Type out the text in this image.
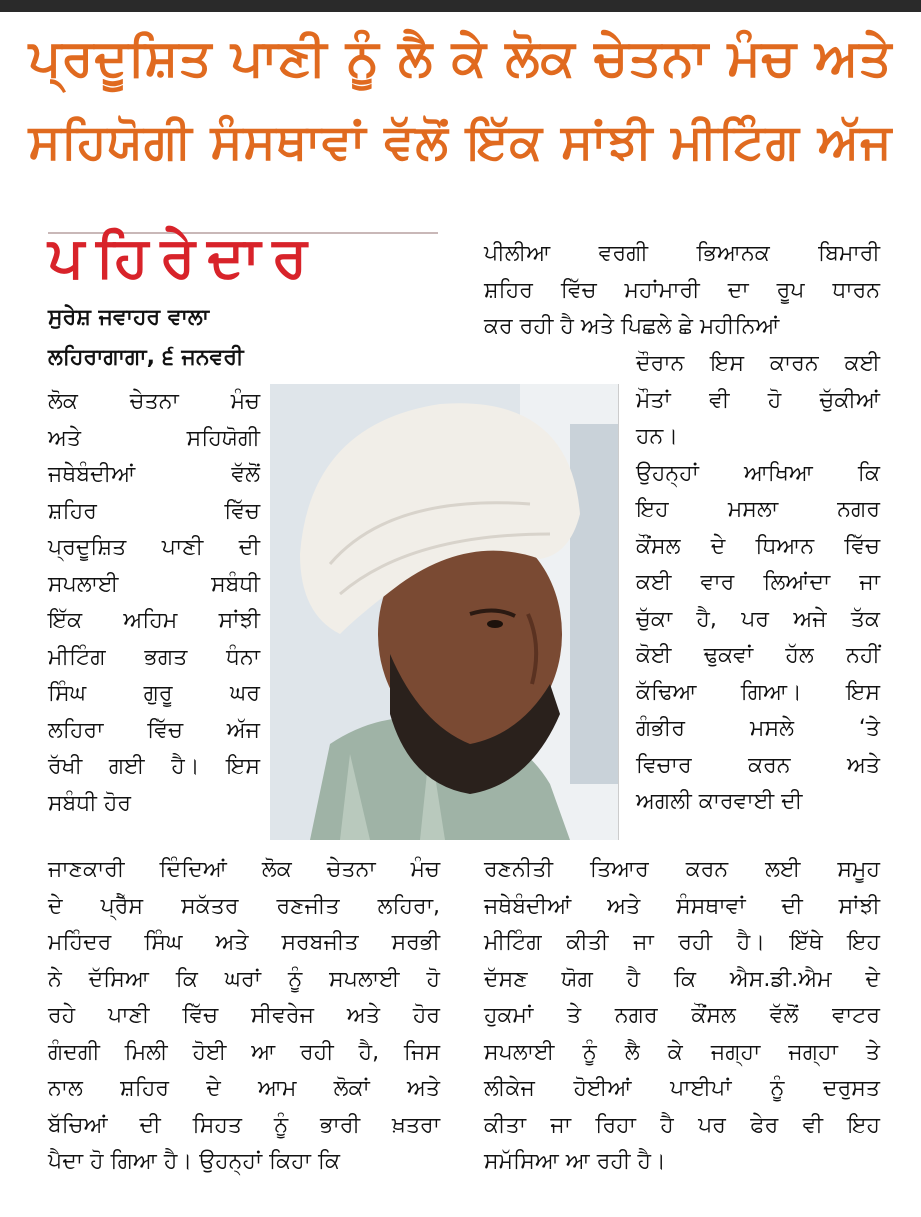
ਪ੍ਰਦੂਸ਼ਿਤ ਪਾਣੀ ਨੂੰ ਲੈ ਕੇ ਲੋਕ ਚੇਤਨਾ ਮੰਚ ਅਤੇ
ਸਹਿਯੋਗੀ ਸੰਸਥਾਵਾਂ ਵੱਲੋਂ ਇੱਕ ਸਾਂਝੀ ਮੀਟਿੰਗ ਅੱਜ
ਪਹਿਰੇਦਾਰ
ਸੁਰੇਸ਼ ਜਵਾਹਰ ਵਾਲਾ
ਲਹਿਰਾਗਾਗਾ, ੬ ਜਨਵਰੀ
ਲੋਕ ਚੇਤਨਾ ਮੰਚ
ਅਤੇ ਸਹਿਯੋਗੀ
ਜਥੇਬੰਦੀਆਂ ਵੱਲੋਂ
ਸ਼ਹਿਰ ਵਿੱਚ
ਪ੍ਰਦੂਸ਼ਿਤ ਪਾਣੀ ਦੀ
ਸਪਲਾਈ ਸਬੰਧੀ
ਇੱਕ ਅਹਿਮ ਸਾਂਝੀ
ਮੀਟਿੰਗ ਭਗਤ ਧੰਨਾ
ਸਿੰਘ ਗੁਰੂ ਘਰ
ਲਹਿਰਾ ਵਿੱਚ ਅੱਜ
ਰੱਖੀ ਗਈ ਹੈ। ਇਸ
ਸਬੰਧੀ ਹੋਰ
ਜਾਣਕਾਰੀ ਦਿੰਦਿਆਂ ਲੋਕ ਚੇਤਨਾ ਮੰਚ
ਦੇ ਪ੍ਰੈੱਸ ਸਕੱਤਰ ਰਣਜੀਤ ਲਹਿਰਾ,
ਮਹਿੰਦਰ ਸਿੰਘ ਅਤੇ ਸਰਬਜੀਤ ਸਰਭੀ
ਨੇ ਦੱਸਿਆ ਕਿ ਘਰਾਂ ਨੂੰ ਸਪਲਾਈ ਹੋ
ਰਹੇ ਪਾਣੀ ਵਿੱਚ ਸੀਵਰੇਜ ਅਤੇ ਹੋਰ
ਗੰਦਗੀ ਮਿਲੀ ਹੋਈ ਆ ਰਹੀ ਹੈ, ਜਿਸ
ਨਾਲ ਸ਼ਹਿਰ ਦੇ ਆਮ ਲੋਕਾਂ ਅਤੇ
ਬੱਚਿਆਂ ਦੀ ਸਿਹਤ ਨੂੰ ਭਾਰੀ ਖ਼ਤਰਾ
ਪੈਦਾ ਹੋ ਗਿਆ ਹੈ। ਉਹਨ੍ਹਾਂ ਕਿਹਾ ਕਿ
ਪੀਲੀਆ ਵਰਗੀ ਭਿਆਨਕ ਬਿਮਾਰੀ
ਸ਼ਹਿਰ ਵਿੱਚ ਮਹਾਂਮਾਰੀ ਦਾ ਰੂਪ ਧਾਰਨ
ਕਰ ਰਹੀ ਹੈ ਅਤੇ ਪਿਛਲੇ ਛੇ ਮਹੀਨਿਆਂ
ਦੌਰਾਨ ਇਸ ਕਾਰਨ ਕਈ
ਮੌਤਾਂ ਵੀ ਹੋ ਚੁੱਕੀਆਂ
ਹਨ।
ਉਹਨ੍ਹਾਂ ਆਖਿਆ ਕਿ
ਇਹ ਮਸਲਾ ਨਗਰ
ਕੌਂਸਲ ਦੇ ਧਿਆਨ ਵਿੱਚ
ਕਈ ਵਾਰ ਲਿਆਂਦਾ ਜਾ
ਚੁੱਕਾ ਹੈ, ਪਰ ਅਜੇ ਤੱਕ
ਕੋਈ ਢੁਕਵਾਂ ਹੱਲ ਨਹੀਂ
ਕੱਢਿਆ ਗਿਆ। ਇਸ
ਗੰਭੀਰ ਮਸਲੇ ‘ਤੇ
ਵਿਚਾਰ ਕਰਨ ਅਤੇ
ਅਗਲੀ ਕਾਰਵਾਈ ਦੀ
ਰਣਨੀਤੀ ਤਿਆਰ ਕਰਨ ਲਈ ਸਮੂਹ
ਜਥੇਬੰਦੀਆਂ ਅਤੇ ਸੰਸਥਾਵਾਂ ਦੀ ਸਾਂਝੀ
ਮੀਟਿੰਗ ਕੀਤੀ ਜਾ ਰਹੀ ਹੈ। ਇੱਥੇ ਇਹ
ਦੱਸਣ ਯੋਗ ਹੈ ਕਿ ਐਸ.ਡੀ.ਐਮ ਦੇ
ਹੁਕਮਾਂ ਤੇ ਨਗਰ ਕੌਂਸਲ ਵੱਲੋਂ ਵਾਟਰ
ਸਪਲਾਈ ਨੂੰ ਲੈ ਕੇ ਜਗ੍ਹਾ ਜਗ੍ਹਾ ਤੇ
ਲੀਕੇਜ ਹੋਈਆਂ ਪਾਈਪਾਂ ਨੂੰ ਦਰੁਸਤ
ਕੀਤਾ ਜਾ ਰਿਹਾ ਹੈ ਪਰ ਫੇਰ ਵੀ ਇਹ
ਸਮੱਸਿਆ ਆ ਰਹੀ ਹੈ।
